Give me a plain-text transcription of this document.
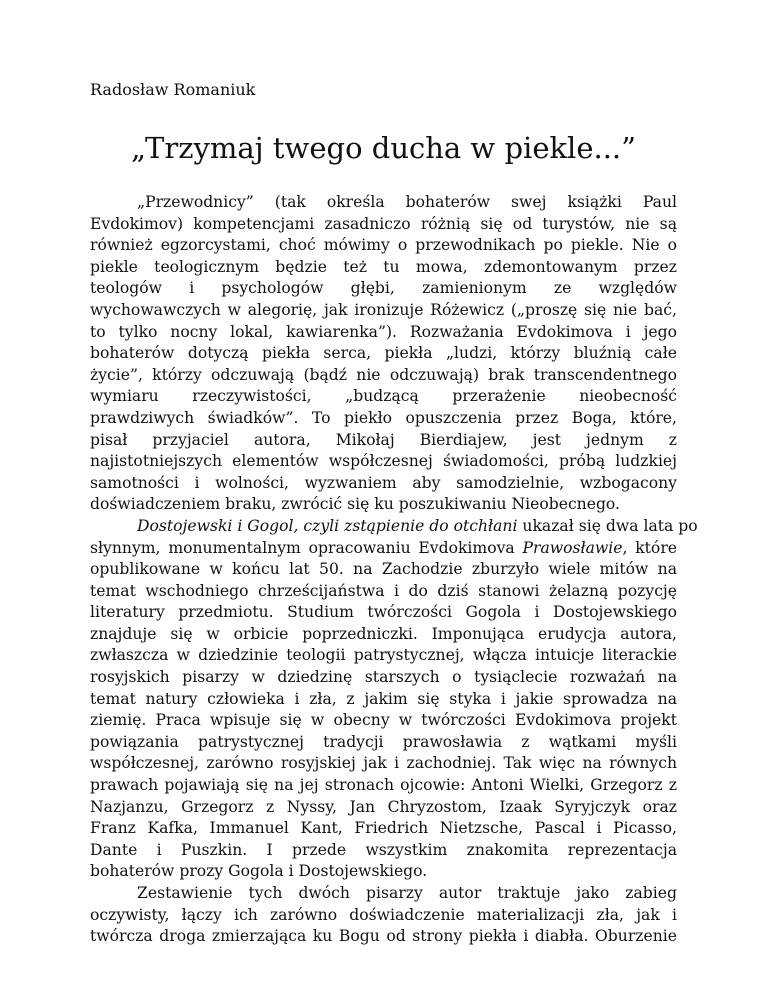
Radosław Romaniuk

„Trzymaj twego ducha w piekle...”
„Przewodnicy” (tak określa bohaterów swej książki Paul
Evdokimov) kompetencjami zasadniczo różnią się od turystów, nie są
również egzorcystami, choć mówimy o przewodnikach po piekle. Nie o
piekle teologicznym będzie też tu mowa, zdemontowanym przez
teologów i psychologów głębi, zamienionym ze względów
wychowawczych w alegorię, jak ironizuje Różewicz („proszę się nie bać,
to tylko nocny lokal, kawiarenka”). Rozważania Evdokimova i jego
bohaterów dotyczą piekła serca, piekła „ludzi, którzy bluźnią całe
życie”, którzy odczuwają (bądź nie odczuwają) brak transcendentnego
wymiaru rzeczywistości, „budzącą przerażenie nieobecność
prawdziwych świadków”. To piekło opuszczenia przez Boga, które,
pisał przyjaciel autora, Mikołaj Bierdiajew, jest jednym z
najistotniejszych elementów współczesnej świadomości, próbą ludzkiej
samotności i wolności, wyzwaniem aby samodzielnie, wzbogacony
doświadczeniem braku, zwrócić się ku poszukiwaniu Nieobecnego.
Dostojewski i Gogol, czyli zstąpienie do otchłani ukazał się dwa lata po
słynnym, monumentalnym opracowaniu Evdokimova Prawosławie, które
opublikowane w końcu lat 50. na Zachodzie zburzyło wiele mitów na
temat wschodniego chrześcijaństwa i do dziś stanowi żelazną pozycję
literatury przedmiotu. Studium twórczości Gogola i Dostojewskiego
znajduje się w orbicie poprzedniczki. Imponująca erudycja autora,
zwłaszcza w dziedzinie teologii patrystycznej, włącza intuicje literackie
rosyjskich pisarzy w dziedzinę starszych o tysiąclecie rozważań na
temat natury człowieka i zła, z jakim się styka i jakie sprowadza na
ziemię. Praca wpisuje się w obecny w twórczości Evdokimova projekt
powiązania patrystycznej tradycji prawosławia z wątkami myśli
współczesnej, zarówno rosyjskiej jak i zachodniej. Tak więc na równych
prawach pojawiają się na jej stronach ojcowie: Antoni Wielki, Grzegorz z
Nazjanzu, Grzegorz z Nyssy, Jan Chryzostom, Izaak Syryjczyk oraz
Franz Kafka, Immanuel Kant, Friedrich Nietzsche, Pascal i Picasso,
Dante i Puszkin. I przede wszystkim znakomita reprezentacja
bohaterów prozy Gogola i Dostojewskiego.
Zestawienie tych dwóch pisarzy autor traktuje jako zabieg
oczywisty, łączy ich zarówno doświadczenie materializacji zła, jak i
twórcza droga zmierzająca ku Bogu od strony piekła i diabła. Oburzenie
